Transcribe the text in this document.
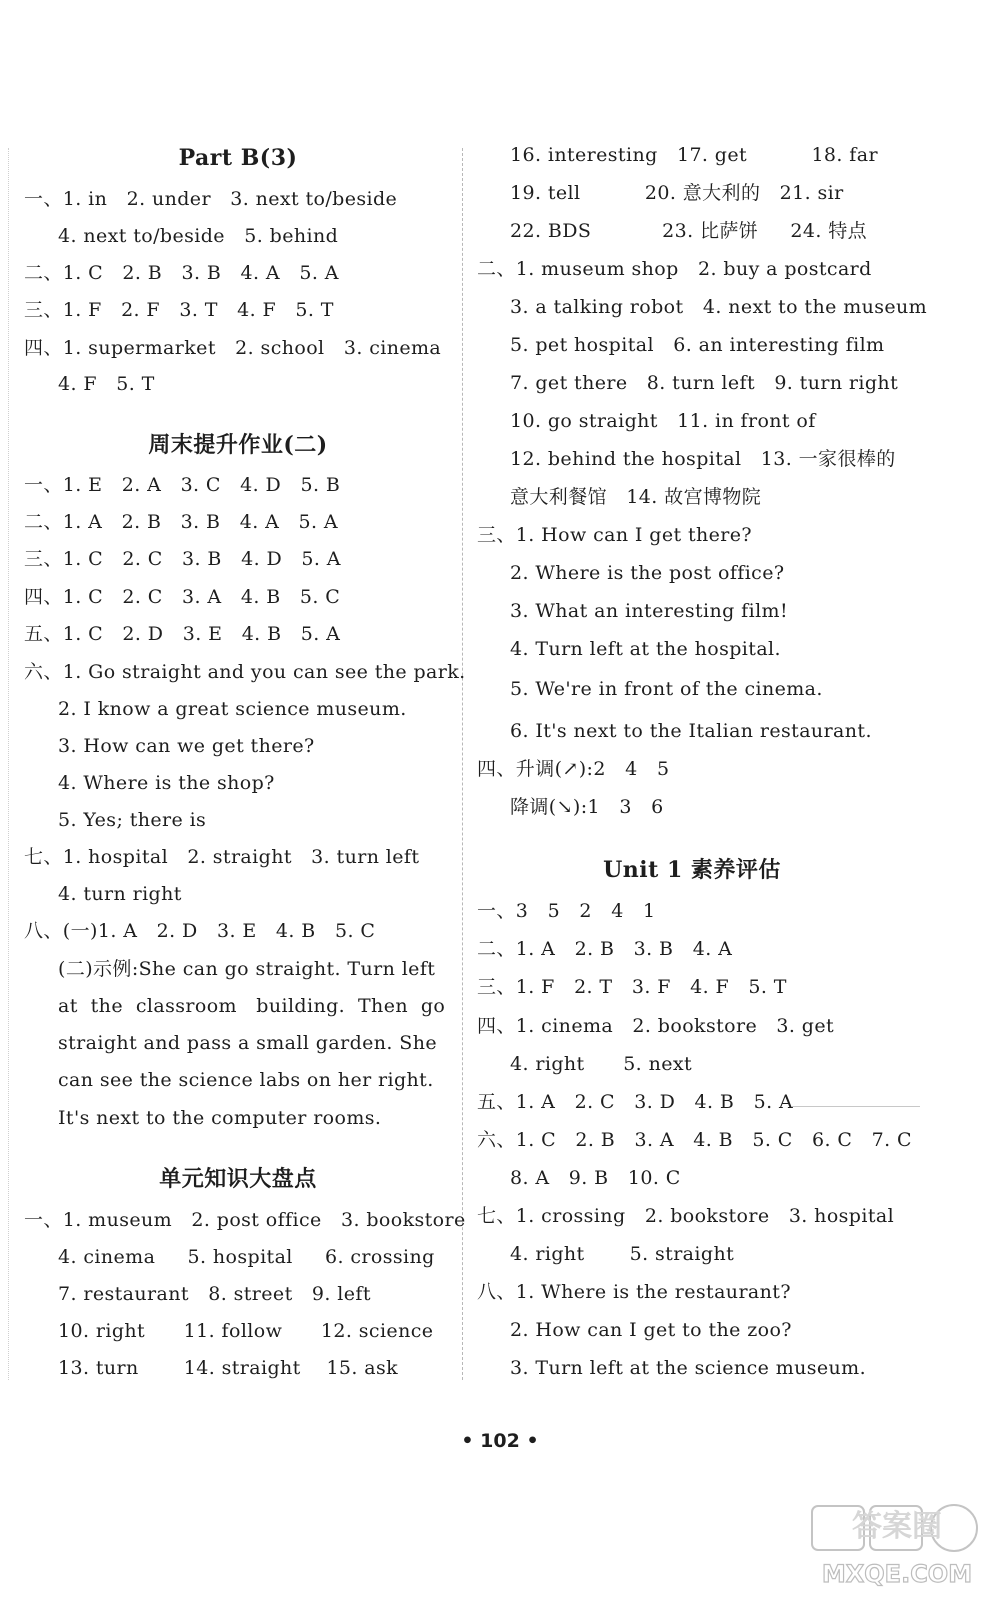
Part B(3)
一、1. in   2. under   3. next to/beside
4. next to/beside   5. behind
二、1. C   2. B   3. B   4. A   5. A
三、1. F   2. F   3. T   4. F   5. T
四、1. supermarket   2. school   3. cinema
4. F   5. T
周末提升作业(二)
一、1. E   2. A   3. C   4. D   5. B
二、1. A   2. B   3. B   4. A   5. A
三、1. C   2. C   3. B   4. D   5. A
四、1. C   2. C   3. A   4. B   5. C
五、1. C   2. D   3. E   4. B   5. A
六、1. Go straight and you can see the park.
2. I know a great science museum.
3. How can we get there?
4. Where is the shop?
5. Yes; there is
七、1. hospital   2. straight   3. turn left
4. turn right
八、(一)1. A   2. D   3. E   4. B   5. C
(二)示例:She can go straight. Turn left
at  the  classroom   building.  Then  go
straight and pass a small garden. She
can see the science labs on her right.
It's next to the computer rooms.
单元知识大盘点
一、1. museum   2. post office   3. bookstore
4. cinema     5. hospital     6. crossing
7. restaurant   8. street   9. left
10. right      11. follow      12. science
13. turn       14. straight    15. ask
16. interesting   17. get          18. far
19. tell          20. 意大利的   21. sir
22. BDS           23. 比萨饼     24. 特点
二、1. museum shop   2. buy a postcard
3. a talking robot   4. next to the museum
5. pet hospital   6. an interesting film
7. get there   8. turn left   9. turn right
10. go straight   11. in front of
12. behind the hospital   13. 一家很棒的
意大利餐馆   14. 故宫博物院
三、1. How can I get there?
2. Where is the post office?
3. What an interesting film!
4. Turn left at the hospital.
5. We're in front of the cinema.
6. It's next to the Italian restaurant.
四、升调(↗):2   4   5
降调(↘):1   3   6
Unit 1 素养评估
一、3   5   2   4   1
二、1. A   2. B   3. B   4. A
三、1. F   2. T   3. F   4. F   5. T
四、1. cinema   2. bookstore   3. get
4. right      5. next
五、1. A   2. C   3. D   4. B   5. A
六、1. C   2. B   3. A   4. B   5. C   6. C   7. C
8. A   9. B   10. C
七、1. crossing   2. bookstore   3. hospital
4. right       5. straight
八、1. Where is the restaurant?
2. How can I get to the zoo?
3. Turn left at the science museum.
• 102 •
答案圈
MXQE.COM
